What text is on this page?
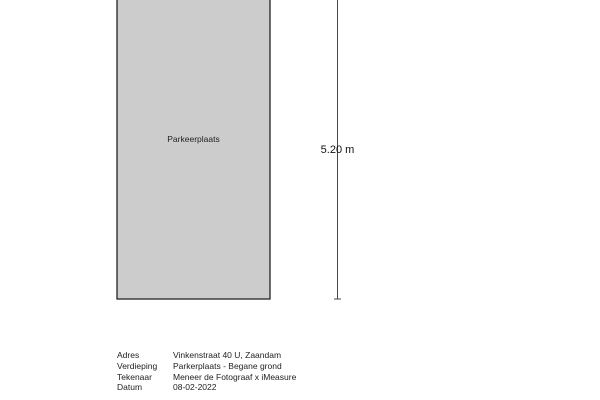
Parkeerplaats
5.20 m
Adres	Vinkenstraat 40 U, Zaandam
Verdieping	Parkerplaats - Begane grond
Tekenaar	Meneer de Fotograaf x iMeasure
Datum	08-02-2022
